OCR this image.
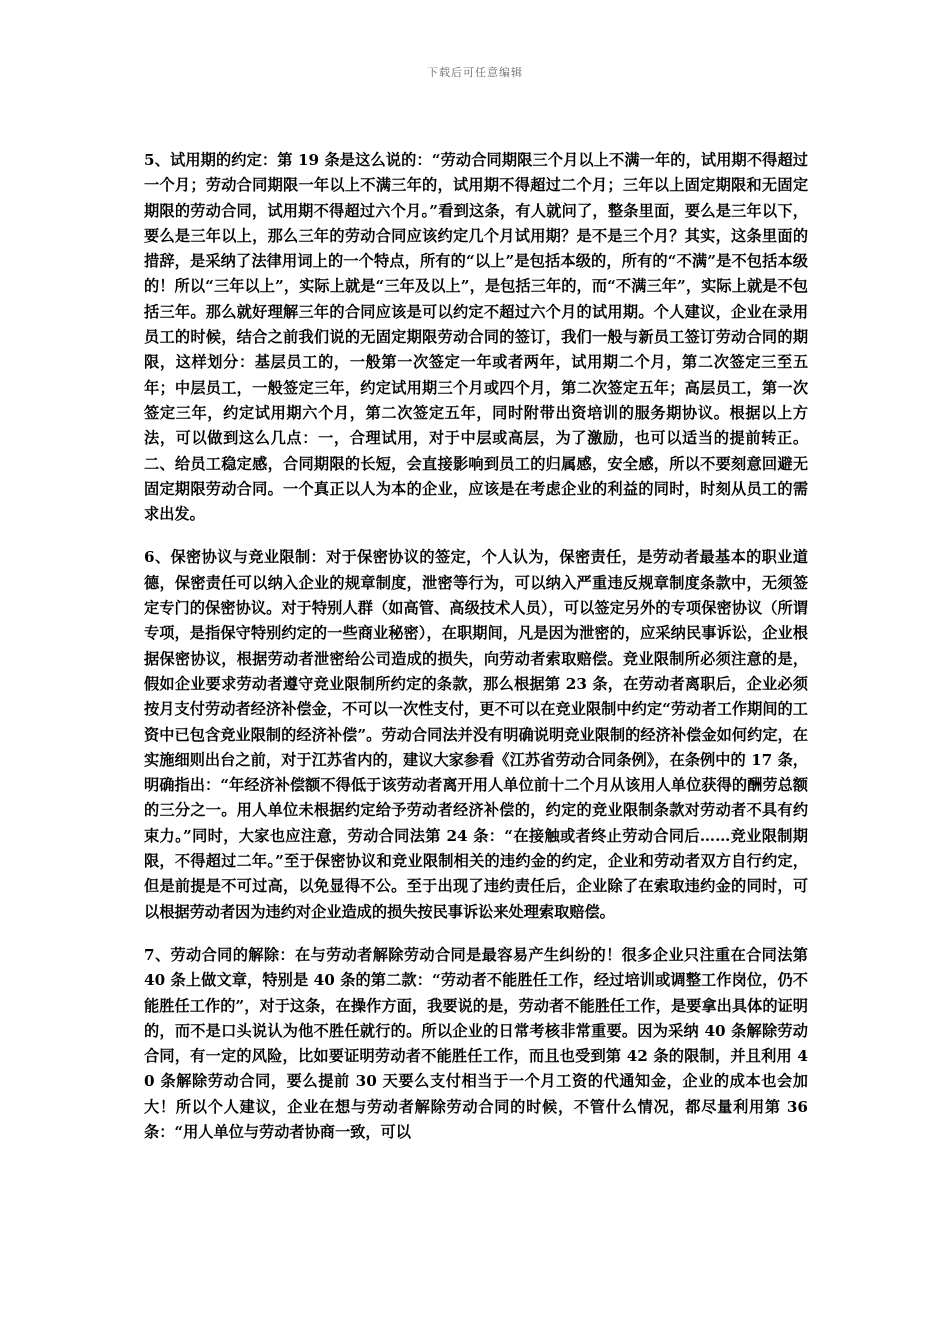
下载后可任意编辑

5、试用期的约定：第 19 条是这么说的：“劳动合同期限三个月以上不满一年的，试用期不得超过一个月；劳动合同期限一年以上不满三年的，试用期不得超过二个月；三年以上固定期限和无固定期限的劳动合同，试用期不得超过六个月。”看到这条，有人就问了，整条里面，要么是三年以下，要么是三年以上，那么三年的劳动合同应该约定几个月试用期？是不是三个月？其实，这条里面的措辞，是采纳了法律用词上的一个特点，所有的“以上”是包括本级的，所有的“不满”是不包括本级的！所以“三年以上”，实际上就是“三年及以上”，是包括三年的，而“不满三年”，实际上就是不包括三年。那么就好理解三年的合同应该是可以约定不超过六个月的试用期。个人建议，企业在录用员工的时候，结合之前我们说的无固定期限劳动合同的签订，我们一般与新员工签订劳动合同的期限，这样划分：基层员工的，一般第一次签定一年或者两年，试用期二个月，第二次签定三至五年；中层员工，一般签定三年，约定试用期三个月或四个月，第二次签定五年；高层员工，第一次签定三年，约定试用期六个月，第二次签定五年，同时附带出资培训的服务期协议。根据以上方法，可以做到这么几点：一，合理试用，对于中层或高层，为了激励，也可以适当的提前转正。二、给员工稳定感，合同期限的长短，会直接影响到员工的归属感，安全感，所以不要刻意回避无固定期限劳动合同。一个真正以人为本的企业，应该是在考虑企业的利益的同时，时刻从员工的需求出发。

6、保密协议与竞业限制：对于保密协议的签定，个人认为，保密责任，是劳动者最基本的职业道德，保密责任可以纳入企业的规章制度，泄密等行为，可以纳入严重违反规章制度条款中，无须签定专门的保密协议。对于特别人群（如高管、高级技术人员），可以签定另外的专项保密协议（所谓专项，是指保守特别约定的一些商业秘密），在职期间，凡是因为泄密的，应采纳民事诉讼，企业根据保密协议，根据劳动者泄密给公司造成的损失，向劳动者索取赔偿。竞业限制所必须注意的是，假如企业要求劳动者遵守竞业限制所约定的条款，那么根据第 23 条，在劳动者离职后，企业必须按月支付劳动者经济补偿金，不可以一次性支付，更不可以在竞业限制中约定“劳动者工作期间的工资中已包含竞业限制的经济补偿”。劳动合同法并没有明确说明竞业限制的经济补偿金如何约定，在实施细则出台之前，对于江苏省内的，建议大家参看《江苏省劳动合同条例》，在条例中的 17 条，明确指出：“年经济补偿额不得低于该劳动者离开用人单位前十二个月从该用人单位获得的酬劳总额的三分之一。用人单位未根据约定给予劳动者经济补偿的，约定的竞业限制条款对劳动者不具有约束力。”同时，大家也应注意，劳动合同法第 24 条：“在接触或者终止劳动合同后……竞业限制期限，不得超过二年。”至于保密协议和竞业限制相关的违约金的约定，企业和劳动者双方自行约定，但是前提是不可过高，以免显得不公。至于出现了违约责任后，企业除了在索取违约金的同时，可以根据劳动者因为违约对企业造成的损失按民事诉讼来处理索取赔偿。

7、劳动合同的解除：在与劳动者解除劳动合同是最容易产生纠纷的！很多企业只注重在合同法第 40 条上做文章，特别是 40 条的第二款：“劳动者不能胜任工作，经过培训或调整工作岗位，仍不能胜任工作的”，对于这条，在操作方面，我要说的是，劳动者不能胜任工作，是要拿出具体的证明的，而不是口头说认为他不胜任就行的。所以企业的日常考核非常重要。因为采纳 40 条解除劳动合同，有一定的风险，比如要证明劳动者不能胜任工作，而且也受到第 42 条的限制，并且利用 40 条解除劳动合同，要么提前 30 天要么支付相当于一个月工资的代通知金，企业的成本也会加大！所以个人建议，企业在想与劳动者解除劳动合同的时候，不管什么情况，都尽量利用第 36 条：“用人单位与劳动者协商一致，可以
